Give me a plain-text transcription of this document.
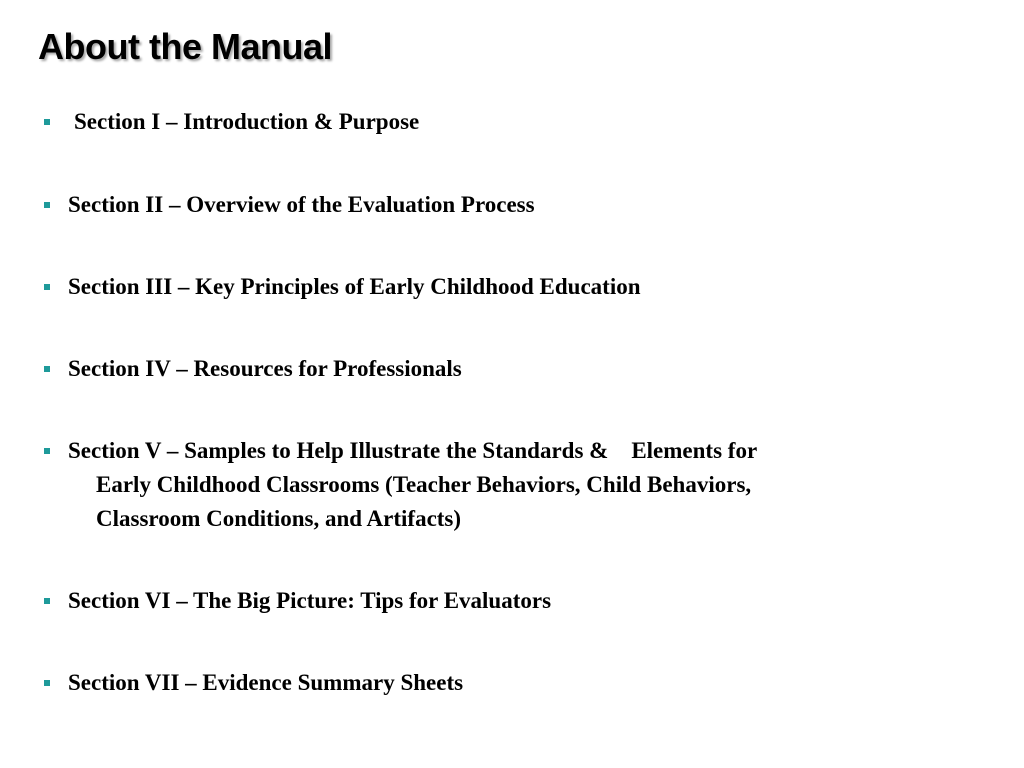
About the Manual
Section I – Introduction & Purpose
Section II – Overview of the Evaluation Process
Section III – Key Principles of Early Childhood Education
Section IV – Resources for Professionals
Section V – Samples to Help Illustrate the Standards &    Elements for
Early Childhood Classrooms (Teacher Behaviors, Child Behaviors,
Classroom Conditions, and Artifacts)
Section VI – The Big Picture: Tips for Evaluators
Section VII – Evidence Summary Sheets
